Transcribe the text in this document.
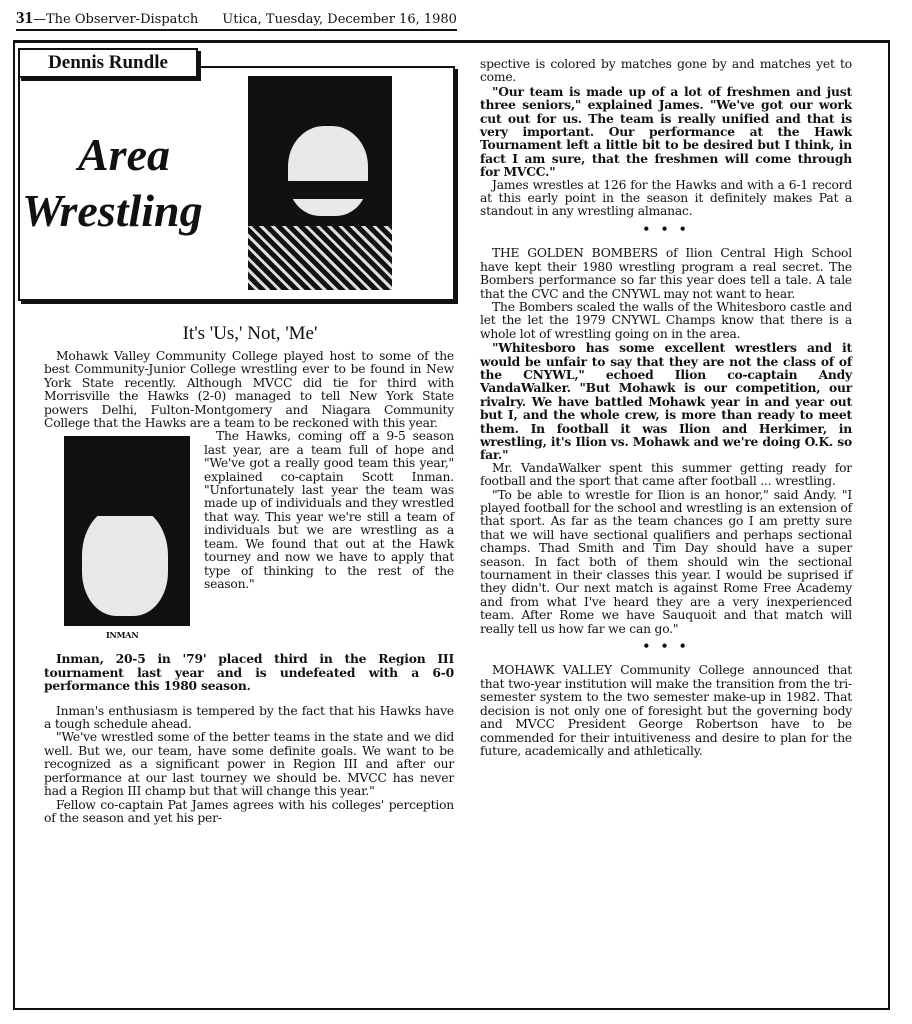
31—The Observer-Dispatch Utica, Tuesday, December 16, 1980
Dennis Rundle
Area
Wrestling
It's 'Us,' Not, 'Me'

Mohawk Valley Community College played host to some of the best Community-Junior College wrestling ever to be found in New York State recently. Although MVCC did tie for third with Morrisville the Hawks (2-0) managed to tell New York State powers Delhi, Fulton-Montgomery and Niagara Community College that the Hawks are a team to be reckoned with this year.

INMAN

The Hawks, coming off a 9-5 season last year, are a team full of hope and "We've got a really good team this year," explained co-captain Scott Inman. "Unfortunately last year the team was made up of individuals and they wrestled that way. This year we're still a team of individuals but we are wrestling as a team. We found that out at the Hawk tourney and now we have to apply that type of thinking to the rest of the season."

Inman, 20-5 in '79' placed third in the Region III tournament last year and is undefeated with a 6-0 performance this 1980 season.

Inman's enthusiasm is tempered by the fact that his Hawks have a tough schedule ahead.

"We've wrestled some of the better teams in the state and we did well. But we, our team, have some definite goals. We want to be recognized as a significant power in Region III and after our performance at our last tourney we should be. MVCC has never had a Region III champ but that will change this year."

Fellow co-captain Pat James agrees with his colleges' perception of the season and yet his per-

spective is colored by matches gone by and matches yet to come.

"Our team is made up of a lot of freshmen and just three seniors," explained James. "We've got our work cut out for us. The team is really unified and that is very important. Our performance at the Hawk Tournament left a little bit to be desired but I think, in fact I am sure, that the freshmen will come through for MVCC."

James wrestles at 126 for the Hawks and with a 6-1 record at this early point in the season it definitely makes Pat a standout in any wrestling almanac.

• • •

THE GOLDEN BOMBERS of Ilion Central High School have kept their 1980 wrestling program a real secret. The Bombers performance so far this year does tell a tale. A tale that the CVC and the CNYWL may not want to hear.

The Bombers scaled the walls of the Whitesboro castle and let the let the 1979 CNYWL Champs know that there is a whole lot of wrestling going on in the area.

"Whitesboro has some excellent wrestlers and it would be unfair to say that they are not the class of of the CNYWL," echoed Ilion co-captain Andy VandaWalker. "But Mohawk is our competition, our rivalry. We have battled Mohawk year in and year out but I, and the whole crew, is more than ready to meet them. In football it was Ilion and Herkimer, in wrestling, it's Ilion vs. Mohawk and we're doing O.K. so far."

Mr. VandaWalker spent this summer getting ready for football and the sport that came after football ... wrestling.

"To be able to wrestle for Ilion is an honor," said Andy. "I played football for the school and wrestling is an extension of that sport. As far as the team chances go I am pretty sure that we will have sectional qualifiers and perhaps sectional champs. Thad Smith and Tim Day should have a super season. In fact both of them should win the sectional tournament in their classes this year. I would be suprised if they didn't. Our next match is against Rome Free Academy and from what I've heard they are a very inexperienced team. After Rome we have Sauquoit and that match will really tell us how far we can go."

• • •

MOHAWK VALLEY Community College announced that that two-year institution will make the transition from the tri-semester system to the two semester make-up in 1982. That decision is not only one of foresight but the governing body and MVCC President George Robertson have to be commended for their intuitiveness and desire to plan for the future, academically and athletically.
